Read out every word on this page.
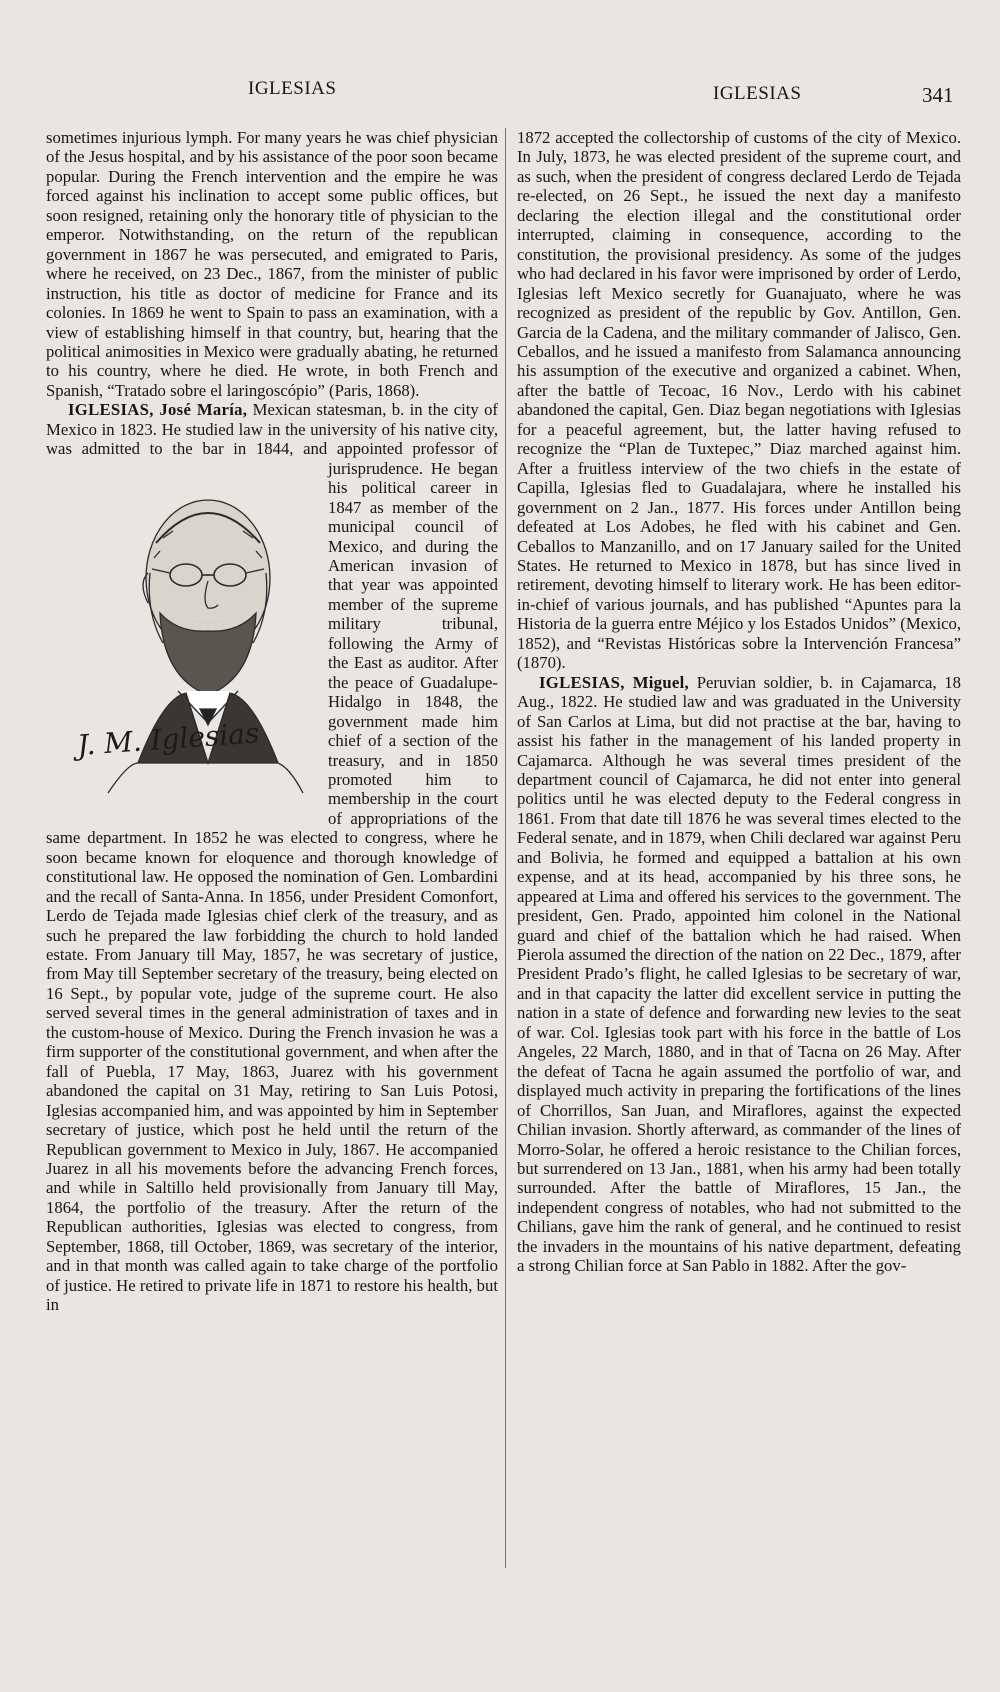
IGLESIAS	IGLESIAS	341

sometimes injurious lymph. For many years he was chief physician of the Jesus hospital, and by his assistance of the poor soon became popular. During the French intervention and the empire he was forced against his inclination to accept some public offices, but soon resigned, retaining only the honorary title of physician to the emperor. Notwithstanding, on the return of the republican government in 1867 he was persecuted, and emigrated to Paris, where he received, on 23 Dec., 1867, from the minister of public instruction, his title as doctor of medicine for France and its colonies. In 1869 he went to Spain to pass an examination, with a view of establishing himself in that country, but, hearing that the political animosities in Mexico were gradually abating, he returned to his country, where he died. He wrote, in both French and Spanish, “Tratado sobre el laringoscópio” (Paris, 1868).

IGLESIAS, José María, Mexican statesman, b. in the city of Mexico in 1823. He studied law in the university of his native city, was admitted to the bar in 1844, and appointed professor of ju
J. M. Iglesias
risprudence. He began his political career in 1847 as member of the municipal council of Mexico, and during the American invasion of that year was appointed member of the supreme military tribunal, following the Army of the East as auditor. After the peace of Guadalupe-Hidalgo in 1848, the government made him chief of a section of the treasury, and in 1850 promoted him to membership in the court of appropriations of the same department. In 1852 he was elected to congress, where he soon became known for eloquence and thorough knowledge of constitutional law. He opposed the nomination of Gen. Lombardini and the recall of Santa-Anna. In 1856, under President Comonfort, Lerdo de Tejada made Iglesias chief clerk of the treasury, and as such he prepared the law forbidding the church to hold landed estate. From January till May, 1857, he was secretary of justice, from May till September secretary of the treasury, being elected on 16 Sept., by popular vote, judge of the supreme court. He also served several times in the general administration of taxes and in the custom-house of Mexico. During the French invasion he was a firm supporter of the constitutional government, and when after the fall of Puebla, 17 May, 1863, Juarez with his government abandoned the capital on 31 May, retiring to San Luis Potosi, Iglesias accompanied him, and was appointed by him in September secretary of justice, which post he held until the return of the Republican government to Mexico in July, 1867. He accompanied Juarez in all his movements before the advancing French forces, and while in Saltillo held provisionally from January till May, 1864, the portfolio of the treasury. After the return of the Republican authorities, Iglesias was elected to congress, from September, 1868, till October, 1869, was secretary of the interior, and in that month was called again to take charge of the portfolio of justice. He retired to private life in 1871 to restore his health, but in

1872 accepted the collectorship of customs of the city of Mexico. In July, 1873, he was elected president of the supreme court, and as such, when the president of congress declared Lerdo de Tejada re-elected, on 26 Sept., he issued the next day a manifesto declaring the election illegal and the constitutional order interrupted, claiming in consequence, according to the constitution, the provisional presidency. As some of the judges who had declared in his favor were imprisoned by order of Lerdo, Iglesias left Mexico secretly for Guanajuato, where he was recognized as president of the republic by Gov. Antillon, Gen. Garcia de la Cadena, and the military commander of Jalisco, Gen. Ceballos, and he issued a manifesto from Salamanca announcing his assumption of the executive and organized a cabinet. When, after the battle of Tecoac, 16 Nov., Lerdo with his cabinet abandoned the capital, Gen. Diaz began negotiations with Iglesias for a peaceful agreement, but, the latter having refused to recognize the “Plan de Tuxtepec,” Diaz marched against him. After a fruitless interview of the two chiefs in the estate of Capilla, Iglesias fled to Guadalajara, where he installed his government on 2 Jan., 1877. His forces under Antillon being defeated at Los Adobes, he fled with his cabinet and Gen. Ceballos to Manzanillo, and on 17 January sailed for the United States. He returned to Mexico in 1878, but has since lived in retirement, devoting himself to literary work. He has been editor-in-chief of various journals, and has published “Apuntes para la Historia de la guerra entre Méjico y los Estados Unidos” (Mexico, 1852), and “Revistas Históricas sobre la Intervención Francesa” (1870).

IGLESIAS, Miguel, Peruvian soldier, b. in Cajamarca, 18 Aug., 1822. He studied law and was graduated in the University of San Carlos at Lima, but did not practise at the bar, having to assist his father in the management of his landed property in Cajamarca. Although he was several times president of the department council of Cajamarca, he did not enter into general politics until he was elected deputy to the Federal congress in 1861. From that date till 1876 he was several times elected to the Federal senate, and in 1879, when Chili declared war against Peru and Bolivia, he formed and equipped a battalion at his own expense, and at its head, accompanied by his three sons, he appeared at Lima and offered his services to the government. The president, Gen. Prado, appointed him colonel in the National guard and chief of the battalion which he had raised. When Pierola assumed the direction of the nation on 22 Dec., 1879, after President Prado’s flight, he called Iglesias to be secretary of war, and in that capacity the latter did excellent service in putting the nation in a state of defence and forwarding new levies to the seat of war. Col. Iglesias took part with his force in the battle of Los Angeles, 22 March, 1880, and in that of Tacna on 26 May. After the defeat of Tacna he again assumed the portfolio of war, and displayed much activity in preparing the fortifications of the lines of Chorrillos, San Juan, and Miraflores, against the expected Chilian invasion. Shortly afterward, as commander of the lines of Morro-Solar, he offered a heroic resistance to the Chilian forces, but surrendered on 13 Jan., 1881, when his army had been totally surrounded. After the battle of Miraflores, 15 Jan., the independent congress of notables, who had not submitted to the Chilians, gave him the rank of general, and he continued to resist the invaders in the mountains of his native department, defeating a strong Chilian force at San Pablo in 1882. After the gov-
